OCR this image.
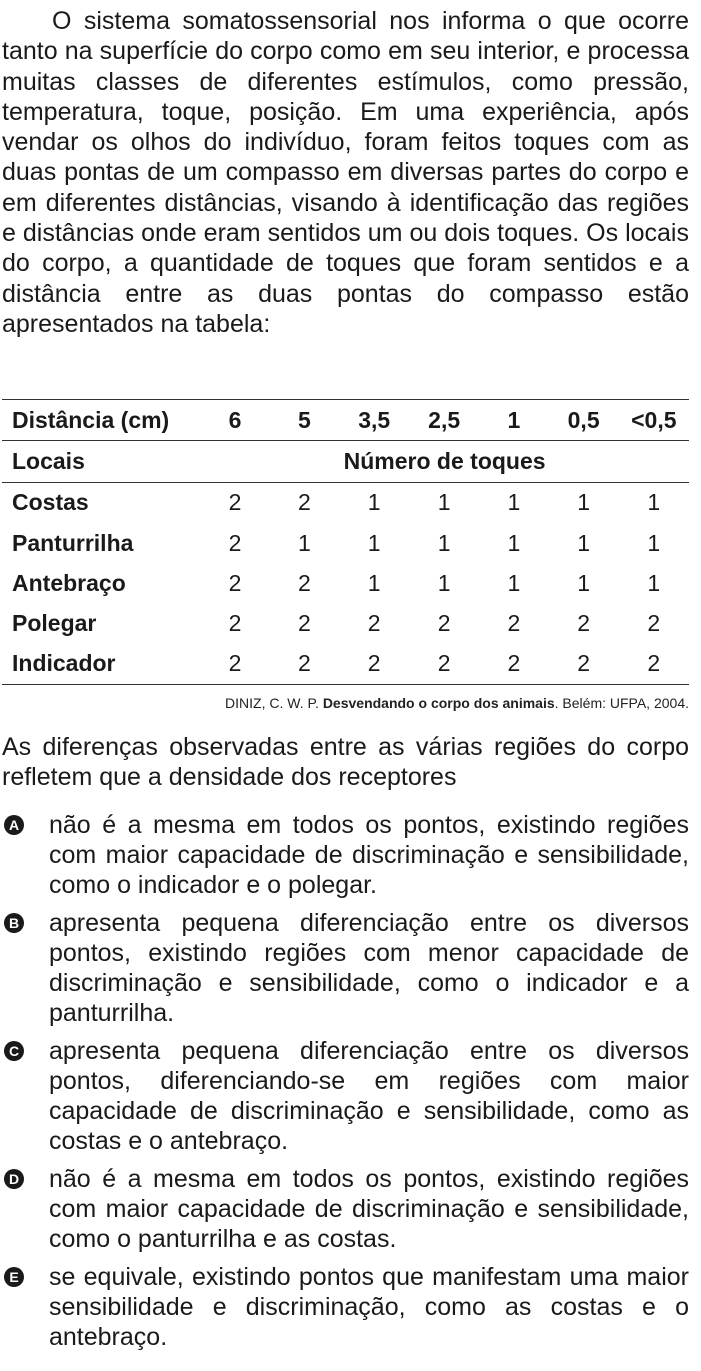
O sistema somatossensorial nos informa o que ocorre tanto na superfície do corpo como em seu interior, e processa muitas classes de diferentes estímulos, como pressão, temperatura, toque, posição. Em uma experiência, após vendar os olhos do indivíduo, foram feitos toques com as duas pontas de um compasso em diversas partes do corpo e em diferentes distâncias, visando à identificação das regiões e distâncias onde eram sentidos um ou dois toques. Os locais do corpo, a quantidade de toques que foram sentidos e a distância entre as duas pontas do compasso estão apresentados na tabela:

Distância (cm)	6	5	3,5	2,5	1	0,5	<0,5
Locais	Número de toques						
Costas	2	2	1	1	1	1	1
Panturrilha	2	1	1	1	1	1	1
Antebraço	2	2	1	1	1	1	1
Polegar	2	2	2	2	2	2	2
Indicador	2	2	2	2	2	2	2
DINIZ, C. W. P. Desvendando o corpo dos animais. Belém: UFPA, 2004.

As diferenças observadas entre as várias regiões do corpo refletem que a densidade dos receptores

A não é a mesma em todos os pontos, existindo regiões com maior capacidade de discriminação e sensibilidade, como o indicador e o polegar.
B apresenta pequena diferenciação entre os diversos pontos, existindo regiões com menor capacidade de discriminação e sensibilidade, como o indicador e a panturrilha.
C apresenta pequena diferenciação entre os diversos pontos, diferenciando-se em regiões com maior capacidade de discriminação e sensibilidade, como as costas e o antebraço.
D não é a mesma em todos os pontos, existindo regiões com maior capacidade de discriminação e sensibilidade, como o panturrilha e as costas.
E se equivale, existindo pontos que manifestam uma maior sensibilidade e discriminação, como as costas e o antebraço.
